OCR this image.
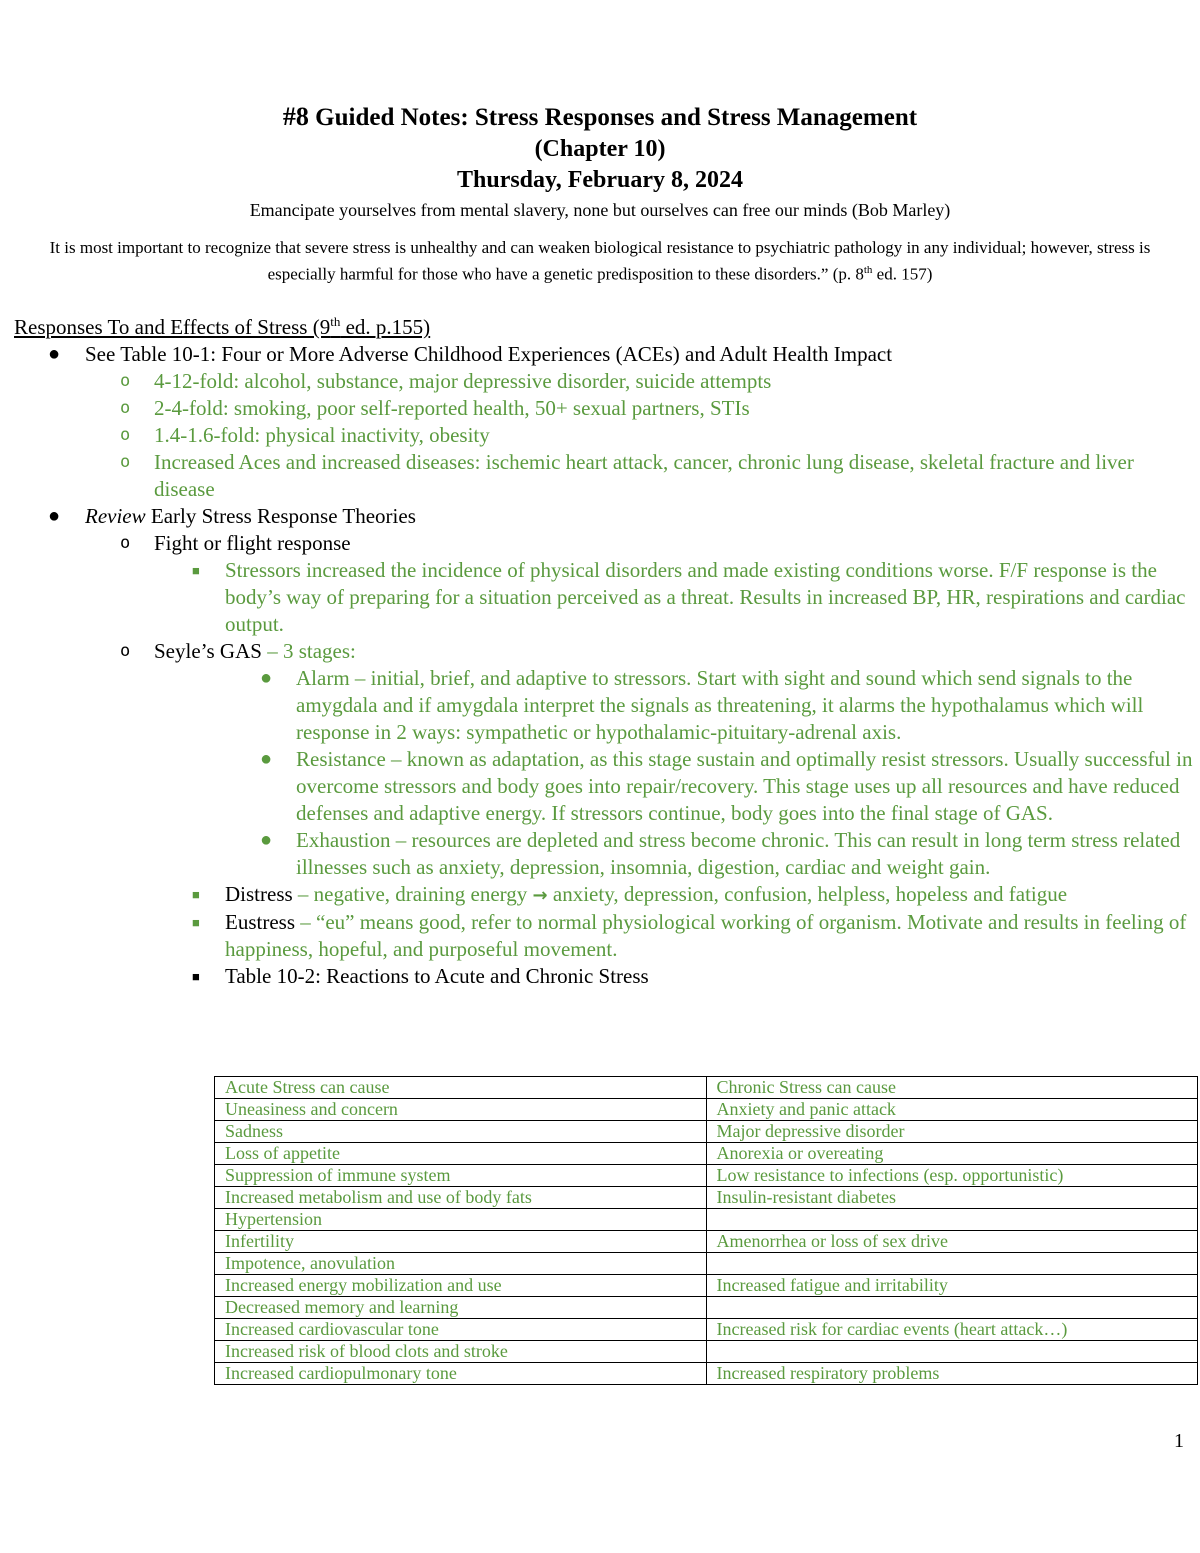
#8 Guided Notes: Stress Responses and Stress Management
(Chapter 10)
Thursday, February 8, 2024
Emancipate yourselves from mental slavery, none but ourselves can free our minds (Bob Marley)
It is most important to recognize that severe stress is unhealthy and can weaken biological resistance to psychiatric pathology in any individual; however, stress is especially harmful for those who have a genetic predisposition to these disorders.” (p. 8th ed. 157)
Responses To and Effects of Stress (9th ed. p.155)
● See Table 10-1: Four or More Adverse Childhood Experiences (ACEs) and Adult Health Impact
o 4-12-fold: alcohol, substance, major depressive disorder, suicide attempts
o 2-4-fold: smoking, poor self-reported health, 50+ sexual partners, STIs
o 1.4-1.6-fold: physical inactivity, obesity
o Increased Aces and increased diseases: ischemic heart attack, cancer, chronic lung disease, skeletal fracture and liver disease
● Review Early Stress Response Theories
o Fight or flight response
■ Stressors increased the incidence of physical disorders and made existing conditions worse. F/F response is the body’s way of preparing for a situation perceived as a threat. Results in increased BP, HR, respirations and cardiac output.
o Seyle’s GAS – 3 stages:
● Alarm – initial, brief, and adaptive to stressors. Start with sight and sound which send signals to the amygdala and if amygdala interpret the signals as threatening, it alarms the hypothalamus which will response in 2 ways: sympathetic or hypothalamic-pituitary-adrenal axis.
● Resistance – known as adaptation, as this stage sustain and optimally resist stressors. Usually successful in overcome stressors and body goes into repair/recovery. This stage uses up all resources and have reduced defenses and adaptive energy. If stressors continue, body goes into the final stage of GAS.
● Exhaustion – resources are depleted and stress become chronic. This can result in long term stress related illnesses such as anxiety, depression, insomnia, digestion, cardiac and weight gain.
■ Distress – negative, draining energy → anxiety, depression, confusion, helpless, hopeless and fatigue
■ Eustress – “eu” means good, refer to normal physiological working of organism. Motivate and results in feeling of happiness, hopeful, and purposeful movement.
■ Table 10-2: Reactions to Acute and Chronic Stress
Acute Stress can cause	Chronic Stress can cause
Uneasiness and concern	Anxiety and panic attack
Sadness	Major depressive disorder
Loss of appetite	Anorexia or overeating
Suppression of immune system	Low resistance to infections (esp. opportunistic)
Increased metabolism and use of body fats	Insulin-resistant diabetes
Hypertension	
Infertility	Amenorrhea or loss of sex drive
Impotence, anovulation	
Increased energy mobilization and use	Increased fatigue and irritability
Decreased memory and learning	
Increased cardiovascular tone	Increased risk for cardiac events (heart attack…)
Increased risk of blood clots and stroke	
Increased cardiopulmonary tone	Increased respiratory problems
1
